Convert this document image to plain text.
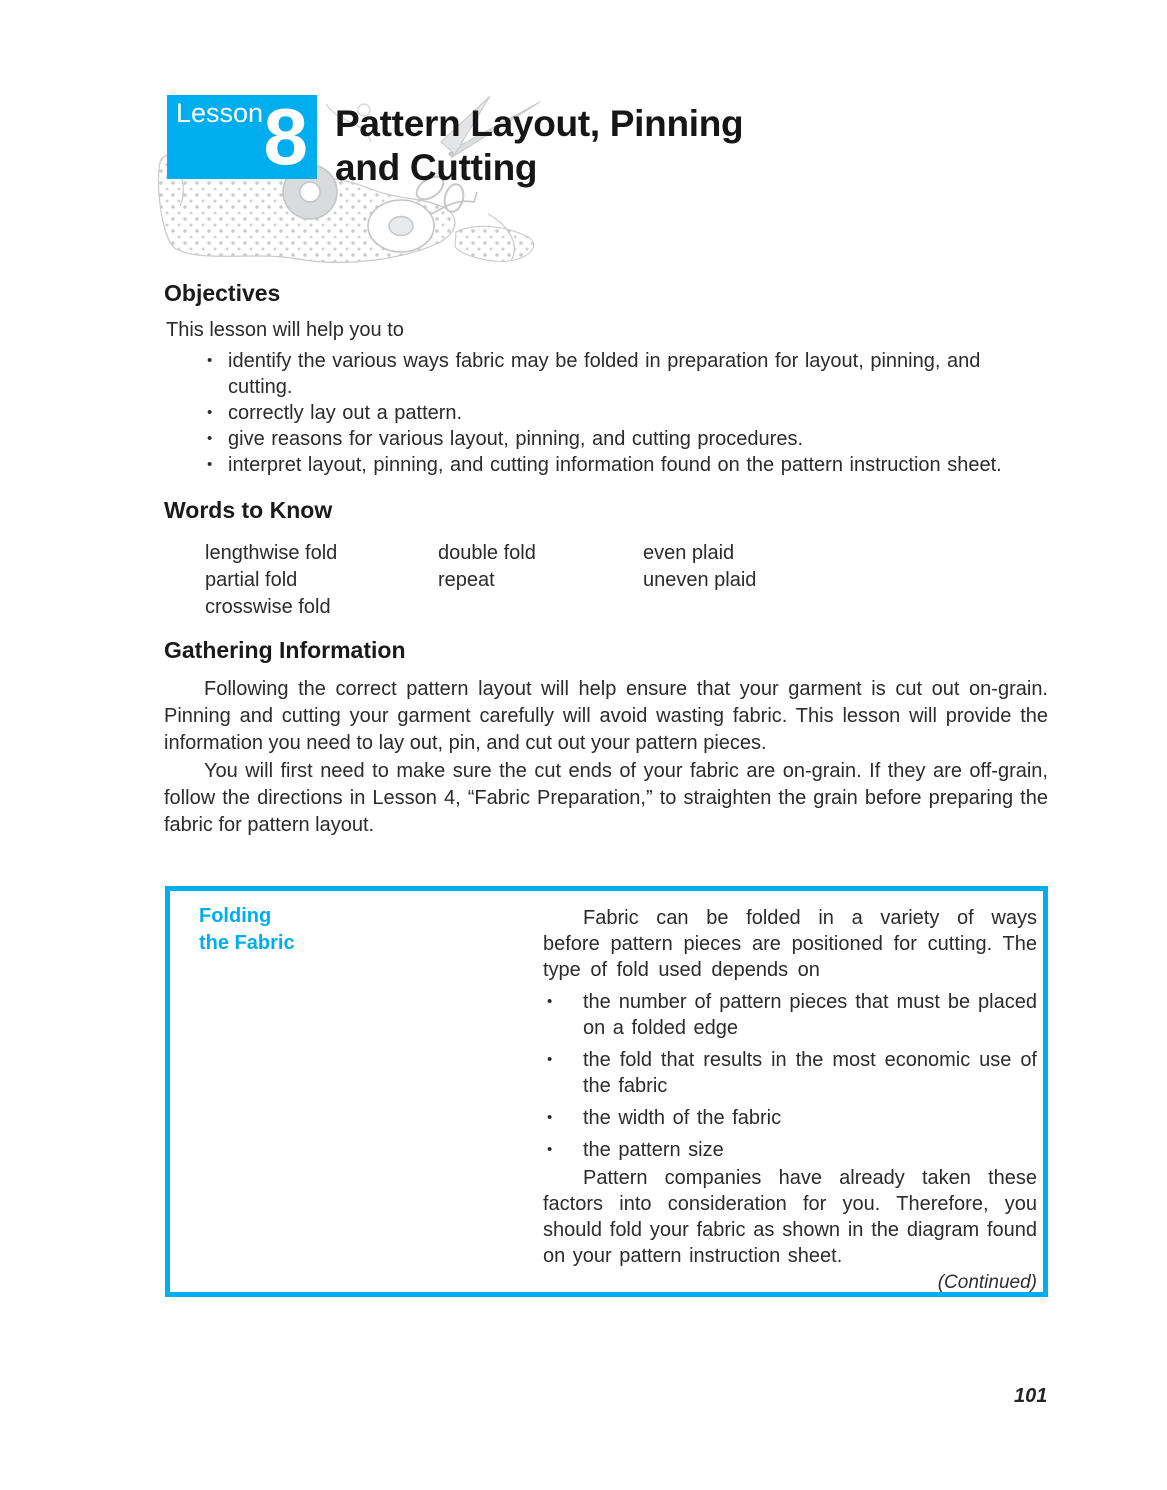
Lesson 8 Pattern Layout, Pinning
and Cutting
Objectives
This lesson will help you to
• identify the various ways fabric may be folded in preparation for layout, pinning, and cutting.
• correctly lay out a pattern.
• give reasons for various layout, pinning, and cutting procedures.
• interpret layout, pinning, and cutting information found on the pattern instruction sheet.
Words to Know
lengthwise fold
partial fold
crosswise fold
double fold
repeat
even plaid
uneven plaid
Gathering Information

Following the correct pattern layout will help ensure that your garment is cut out on-grain. Pinning and cutting your garment carefully will avoid wasting fabric. This lesson will provide the information you need to lay out, pin, and cut out your pattern pieces.

You will first need to make sure the cut ends of your fabric are on-grain. If they are off-grain, follow the directions in Lesson 4, “Fabric Preparation,” to straighten the grain before preparing the fabric for pattern layout.

Folding
the Fabric

Fabric can be folded in a variety of ways before pattern pieces are positioned for cutting. The type of fold used depends on

• the number of pattern pieces that must be placed on a folded edge
• the fold that results in the most economic use of the fabric
• the width of the fabric
• the pattern size

Pattern companies have already taken these factors into consideration for you. Therefore, you should fold your fabric as shown in the diagram found on your pattern instruction sheet.

(Continued)
101
